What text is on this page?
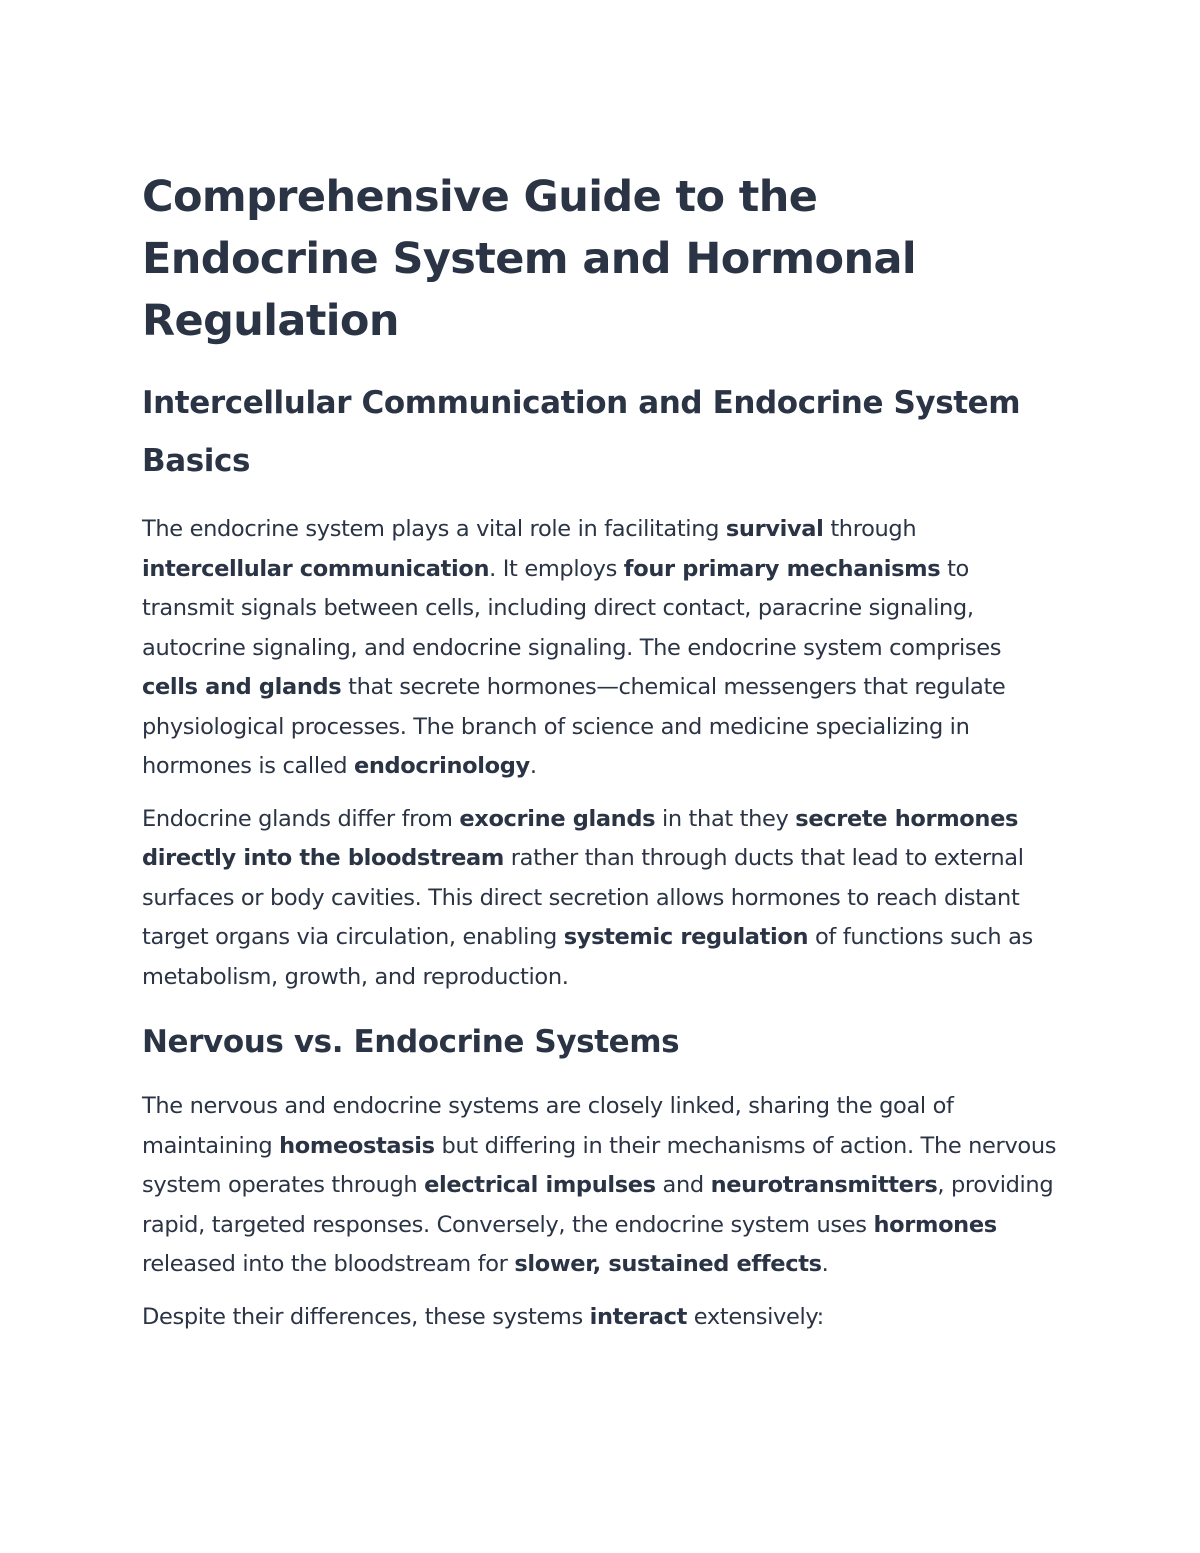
Comprehensive Guide to the Endocrine System and Hormonal Regulation
Intercellular Communication and Endocrine System Basics

The endocrine system plays a vital role in facilitating survival through intercellular communication. It employs four primary mechanisms to transmit signals between cells, including direct contact, paracrine signaling, autocrine signaling, and endocrine signaling. The endocrine system comprises cells and glands that secrete hormones—chemical messengers that regulate physiological processes. The branch of science and medicine specializing in hormones is called endocrinology.

Endocrine glands differ from exocrine glands in that they secrete hormones directly into the bloodstream rather than through ducts that lead to external surfaces or body cavities. This direct secretion allows hormones to reach distant target organs via circulation, enabling systemic regulation of functions such as metabolism, growth, and reproduction.

Nervous vs. Endocrine Systems

The nervous and endocrine systems are closely linked, sharing the goal of maintaining homeostasis but differing in their mechanisms of action. The nervous system operates through electrical impulses and neurotransmitters, providing rapid, targeted responses. Conversely, the endocrine system uses hormones released into the bloodstream for slower, sustained effects.

Despite their differences, these systems interact extensively:
